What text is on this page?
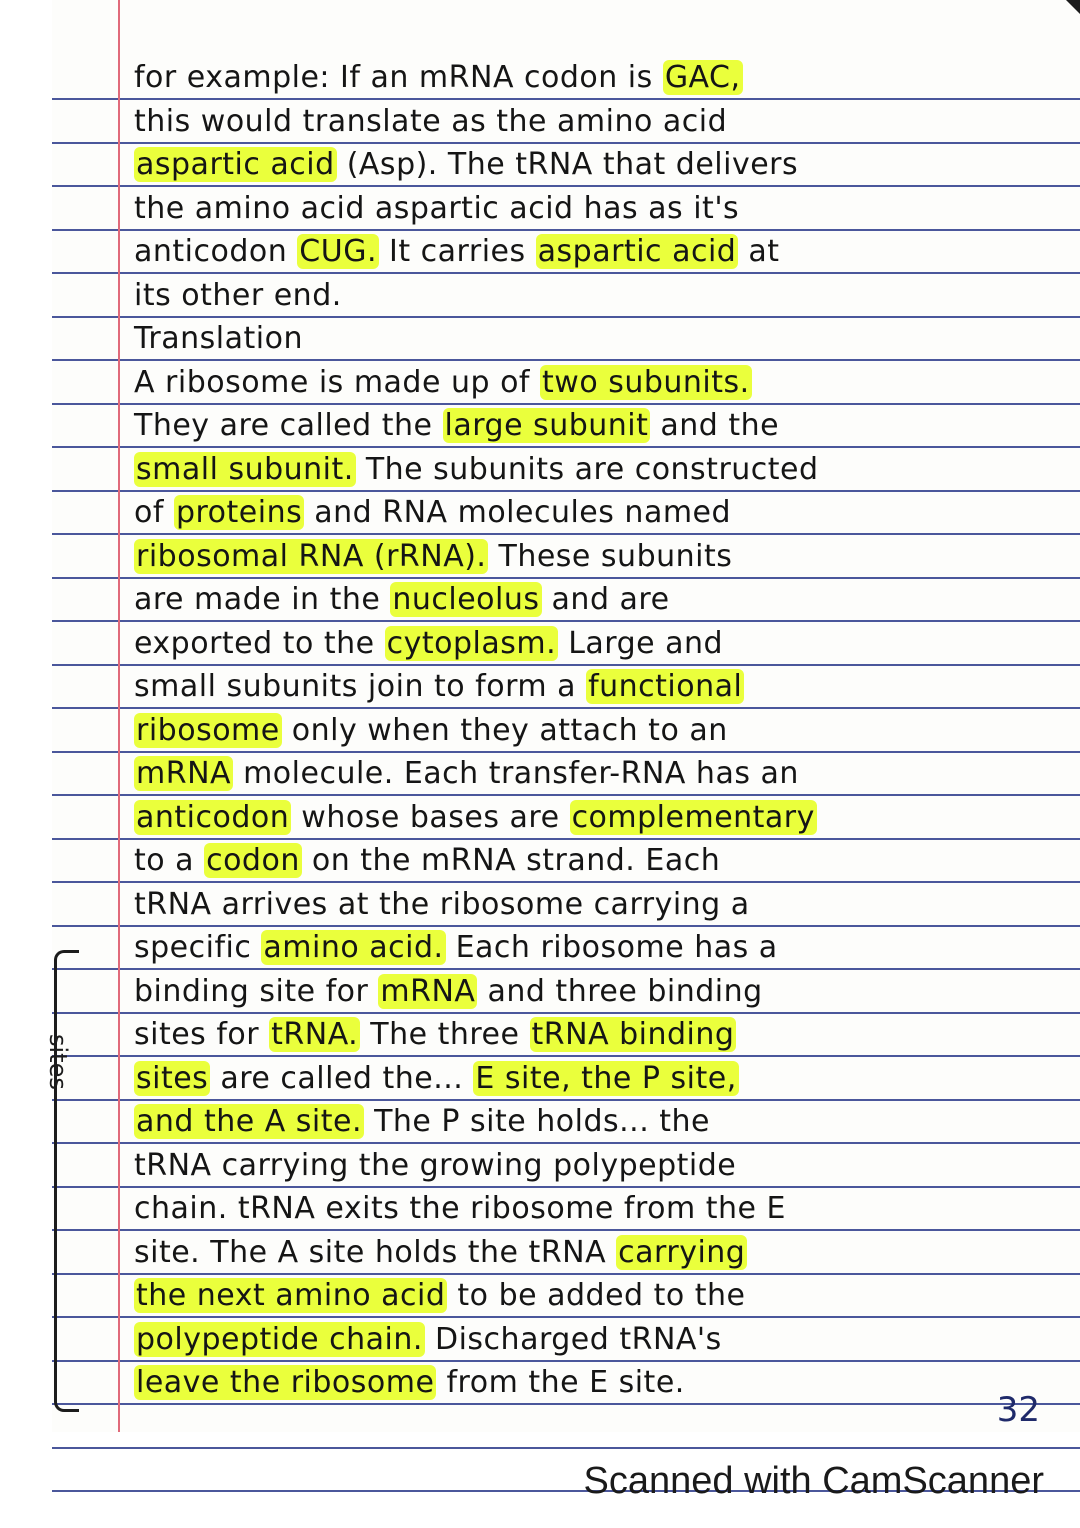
for example: If an mRNA codon is GAC,
this would translate as the amino acid
aspartic acid (Asp). The tRNA that delivers
the amino acid aspartic acid has as it's
anticodon CUG. It carries aspartic acid at
its other end.
Translation
A ribosome is made up of two subunits.
They are called the large subunit and the
small subunit. The subunits are constructed
of proteins and RNA molecules named
ribosomal RNA (rRNA). These subunits
are made in the nucleolus and are
exported to the cytoplasm. Large and
small subunits join to form a functional
ribosome only when they attach to an
mRNA molecule. Each transfer-RNA has an
anticodon whose bases are complementary
to a codon on the mRNA strand. Each
tRNA arrives at the ribosome carrying a
specific amino acid. Each ribosome has a
binding site for mRNA and three binding
sites for tRNA. The three tRNA binding
sites are called the... E site, the P site,
and the A site. The P site holds... the
tRNA carrying the growing polypeptide
chain. tRNA exits the ribosome from the E
site. The A site holds the tRNA carrying
the next amino acid to be added to the
polypeptide chain. Discharged tRNA's
leave the ribosome from the E site.
sites
32
Scanned with CamScanner
